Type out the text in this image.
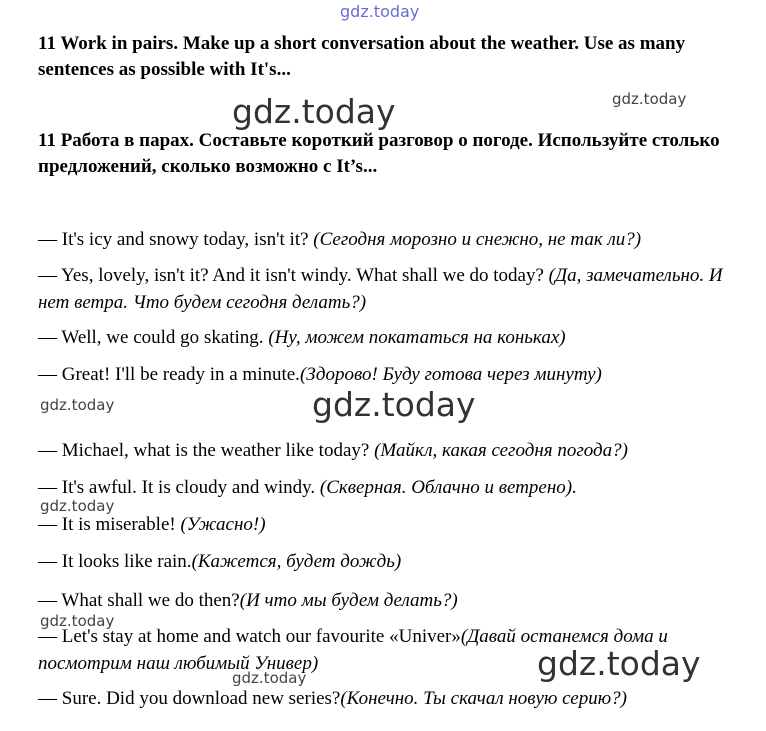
gdz.today
11 Work in pairs. Make up a short conversation about the weather. Use as many sentences as possible with It's...
gdz.today	gdz.today
11 Работа в парах. Составьте короткий разговор о погоде. Используйте столько предложений, сколько возможно с It’s...
— It's icy and snowy today, isn't it? (Сегодня морозно и снежно, не так ли?)
— Yes, lovely, isn't it? And it isn't windy. What shall we do today? (Да, замечательно. И нет ветра. Что будем сегодня делать?)
— Well, we could go skating. (Ну, можем покататься на коньках)
— Great! I'll be ready in a minute.(Здорово! Буду готова через минуту)
gdz.today	gdz.today
— Michael, what is the weather like today? (Майкл, какая сегодня погода?)
— It's awful. It is cloudy and windy. (Скверная. Облачно и ветрено).
gdz.today
— It is miserable! (Ужасно!)
— It looks like rain.(Кажется, будет дождь)
— What shall we do then?(И что мы будем делать?)
gdz.today
— Let's stay at home and watch our favourite «Univer»(Давай останемся дома и посмотрим наш любимый Универ)	gdz.today
gdz.today
— Sure. Did you download new series?(Конечно. Ты скачал новую серию?)
